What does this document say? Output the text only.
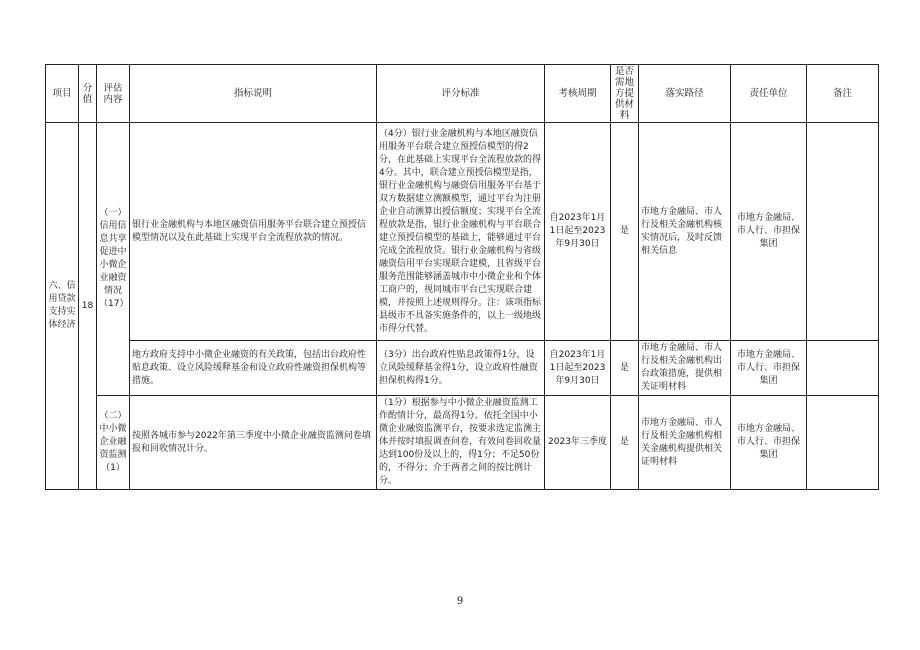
项目	分值	评估内容	指标说明	评分标准	考核周期	是否需地方提供材料	落实路径	责任单位	备注
六、信用贷款支持实体经济	18	（一）信用信息共享促进中小微企业融资情况（17）	银行业金融机构与本地区融资信用服务平台联合建立预授信模型情况以及在此基础上实现平台全流程放款的情况。	（4分）银行业金融机构与本地区融资信用服务平台联合建立预授信模型的得2分，在此基础上实现平台全流程放款的得4分。其中，联合建立预授信模型是指，银行业金融机构与融资信用服务平台基于双方数据建立测额模型，通过平台为注册企业自动测算出授信额度；实现平台全流程放款是指，银行业金融机构与平台联合建立预授信模型的基础上，能够通过平台完成全流程放贷。银行业金融机构与省级融资信用平台实现联合建模，且省级平台服务范围能够涵盖城市中小微企业和个体工商户的，视同城市平台已实现联合建模，并按照上述规则得分。注：该项指标县级市不具备实施条件的，以上一级地级市得分代替。	自2023年1月1日起至2023年9月30日	是	市地方金融局、市人行及相关金融机构核实情况后，及时反馈相关信息	市地方金融局、市人行、市担保集团	
			地方政府支持中小微企业融资的有关政策，包括出台政府性贴息政策、设立风险缓释基金和设立政府性融资担保机构等措施。	（3分）出台政府性贴息政策得1分，设立风险缓释基金得1分，设立政府性融资担保机构得1分。	自2023年1月1日起至2023年9月30日	是	市地方金融局、市人行及相关金融机构出台政策措施，提供相关证明材料	市地方金融局、市人行、市担保集团	
		（二）中小微企业融资监测（1）	按照各城市参与2022年第三季度中小微企业融资监测问卷填报和回收情况计分。	（1分）根据参与中小微企业融资监测工作酌情计分，最高得1分。依托全国中小微企业融资监测平台，按要求选定监测主体并按时填报调查问卷，有效问卷回收量达到100份及以上的，得1分；不足50份的，不得分；介于两者之间的按比例计分。	2023年三季度	是	市地方金融局、市人行及相关金融机构相关金融机构提供相关证明材料	市地方金融局、市人行、市担保集团	
9
